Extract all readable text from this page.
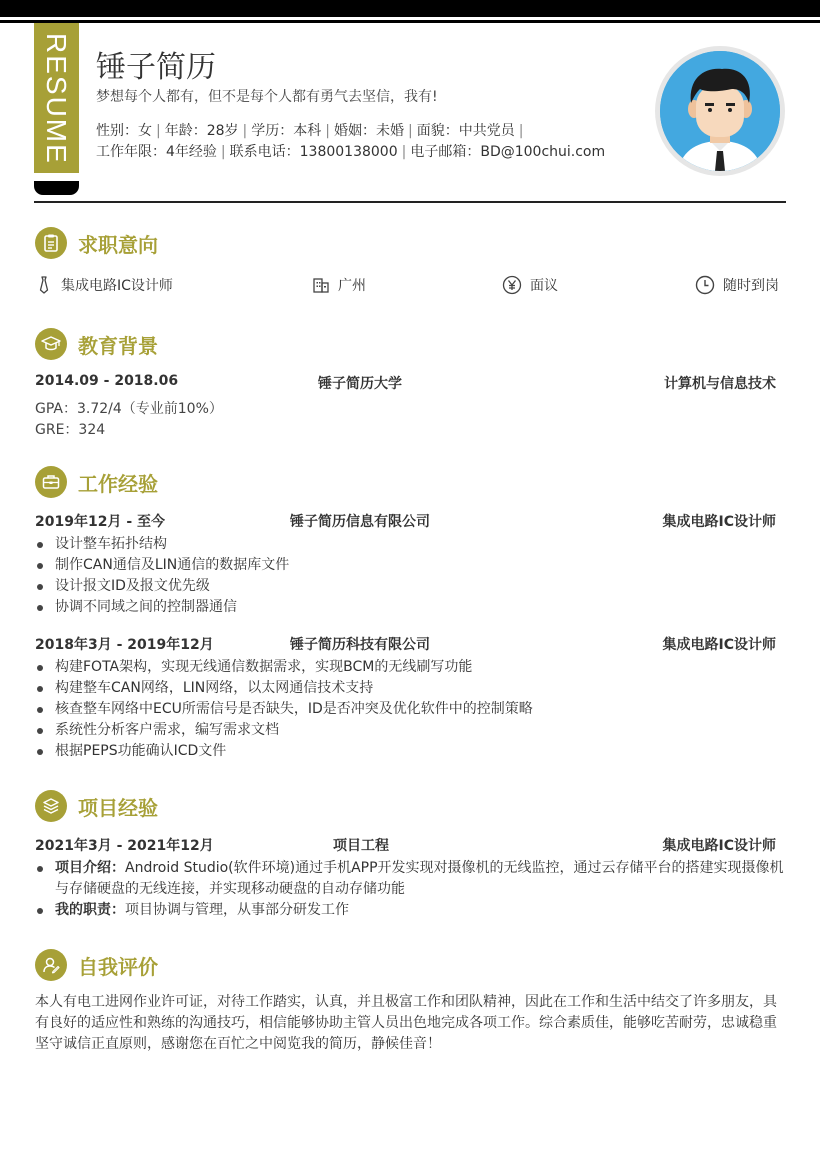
RESUME 锤子简历
梦想每个人都有，但不是每个人都有勇气去坚信，我有!
性别：女 | 年龄：28岁 | 学历：本科 | 婚姻：未婚 | 面貌：中共党员 |
工作年限：4年经验 | 联系电话：13800138000 | 电子邮箱：BD@100chui.com
求职意向
集成电路IC设计师	广州	面议	随时到岗
教育背景
2014.09 - 2018.06	锤子简历大学	计算机与信息技术
GPA：3.72/4（专业前10%）
GRE：324
工作经验
2019年12月 - 至今	锤子简历信息有限公司	集成电路IC设计师
设计整车拓扑结构
制作CAN通信及LIN通信的数据库文件
设计报文ID及报文优先级
协调不同域之间的控制器通信
2018年3月 - 2019年12月	锤子简历科技有限公司	集成电路IC设计师
构建FOTA架构，实现无线通信数据需求，实现BCM的无线刷写功能
构建整车CAN网络，LIN网络，以太网通信技术支持
核查整车网络中ECU所需信号是否缺失，ID是否冲突及优化软件中的控制策略
系统性分析客户需求，编写需求文档
根据PEPS功能确认ICD文件
项目经验
2021年3月 - 2021年12月	项目工程	集成电路IC设计师
项目介绍：Android Studio(软件环境)通过手机APP开发实现对摄像机的无线监控，通过云存储平台的搭建实现摄像机与存储硬盘的无线连接，并实现移动硬盘的自动存储功能
我的职责：项目协调与管理，从事部分研发工作
自我评价
本人有电工进网作业许可证，对待工作踏实，认真，并且极富工作和团队精神，因此在工作和生活中结交了许多朋友，具有良好的适应性和熟练的沟通技巧，相信能够协助主管人员出色地完成各项工作。综合素质佳，能够吃苦耐劳，忠诚稳重坚守诚信正直原则，感谢您在百忙之中阅览我的简历，静候佳音！
